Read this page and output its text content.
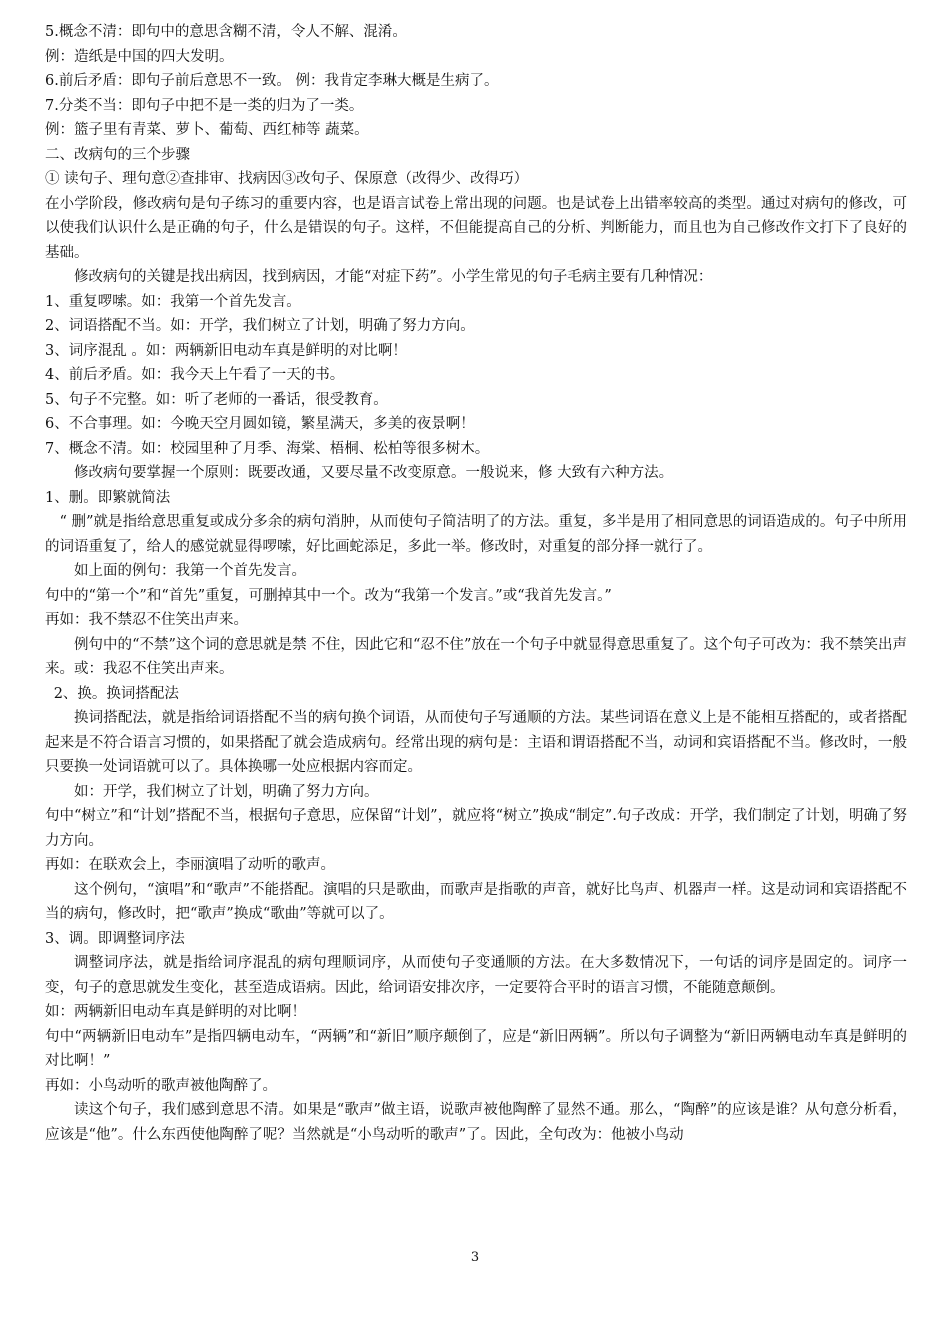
5.概念不清：即句中的意思含糊不清，令人不解、混淆。

例：造纸是中国的四大发明。

6.前后矛盾：即句子前后意思不一致。 例：我肯定李琳大概是生病了。

7.分类不当：即句子中把不是一类的归为了一类。

例：篮子里有青菜、萝卜、葡萄、西红柿等 蔬菜。

二、改病句的三个步骤

① 读句子、理句意②查排审、找病因③改句子、保原意（改得少、改得巧）

在小学阶段，修改病句是句子练习的重要内容，也是语言试卷上常出现的问题。也是试卷上出错率较高的类型。通过对病句的修改，可以使我们认识什么是正确的句子，什么是错误的句子。这样，不但能提高自己的分析、判断能力，而且也为自己修改作文打下了良好的基础。

修改病句的关键是找出病因，找到病因，才能“对症下药”。小学生常见的句子毛病主要有几种情况：

1、重复啰嗦。如：我第一个首先发言。

2、词语搭配不当。如：开学，我们树立了计划，明确了努力方向。

3、词序混乱 。如：两辆新旧电动车真是鲜明的对比啊！

4、前后矛盾。如：我今天上午看了一天的书。

5、句子不完整。如：听了老师的一番话，很受教育。

6、不合事理。如：今晚天空月圆如镜，繁星满天，多美的夜景啊！

7、概念不清。如：校园里种了月季、海棠、梧桐、松柏等很多树木。

修改病句要掌握一个原则：既要改通，又要尽量不改变原意。一般说来，修 大致有六种方法。

1、删。即繁就简法

“ 删”就是指给意思重复或成分多余的病句消肿，从而使句子简洁明了的方法。重复，多半是用了相同意思的词语造成的。句子中所用的词语重复了，给人的感觉就显得啰嗦，好比画蛇添足，多此一举。修改时，对重复的部分择一就行了。

如上面的例句：我第一个首先发言。

句中的“第一个”和“首先”重复，可删掉其中一个。改为“我第一个发言。”或“我首先发言。”

再如：我不禁忍不住笑出声来。

例句中的“不禁”这个词的意思就是禁 不住，因此它和“忍不住”放在一个句子中就显得意思重复了。这个句子可改为：我不禁笑出声来。或：我忍不住笑出声来。

2、换。换词搭配法

换词搭配法，就是指给词语搭配不当的病句换个词语，从而使句子写通顺的方法。某些词语在意义上是不能相互搭配的，或者搭配起来是不符合语言习惯的，如果搭配了就会造成病句。经常出现的病句是：主语和谓语搭配不当，动词和宾语搭配不当。修改时，一般只要换一处词语就可以了。具体换哪一处应根据内容而定。

如：开学，我们树立了计划，明确了努力方向。

句中“树立”和“计划”搭配不当，根据句子意思，应保留“计划”，就应将“树立”换成“制定”.句子改成：开学，我们制定了计划，明确了努力方向。

再如：在联欢会上，李丽演唱了动听的歌声。

这个例句，“演唱”和“歌声”不能搭配。演唱的只是歌曲，而歌声是指歌的声音，就好比鸟声、机器声一样。这是动词和宾语搭配不当的病句，修改时，把“歌声”换成“歌曲”等就可以了。

3、调。即调整词序法

调整词序法，就是指给词序混乱的病句理顺词序，从而使句子变通顺的方法。在大多数情况下，一句话的词序是固定的。词序一变，句子的意思就发生变化，甚至造成语病。因此，给词语安排次序，一定要符合平时的语言习惯，不能随意颠倒。

如：两辆新旧电动车真是鲜明的对比啊！

句中“两辆新旧电动车”是指四辆电动车，“两辆”和“新旧”顺序颠倒了，应是“新旧两辆”。所以句子调整为“新旧两辆电动车真是鲜明的对比啊！”

再如：小鸟动听的歌声被他陶醉了。

读这个句子，我们感到意思不清。如果是“歌声”做主语，说歌声被他陶醉了显然不通。那么，“陶醉”的应该是谁？从句意分析看，应该是“他”。什么东西使他陶醉了呢？当然就是“小鸟动听的歌声”了。因此，全句改为：他被小鸟动

3
